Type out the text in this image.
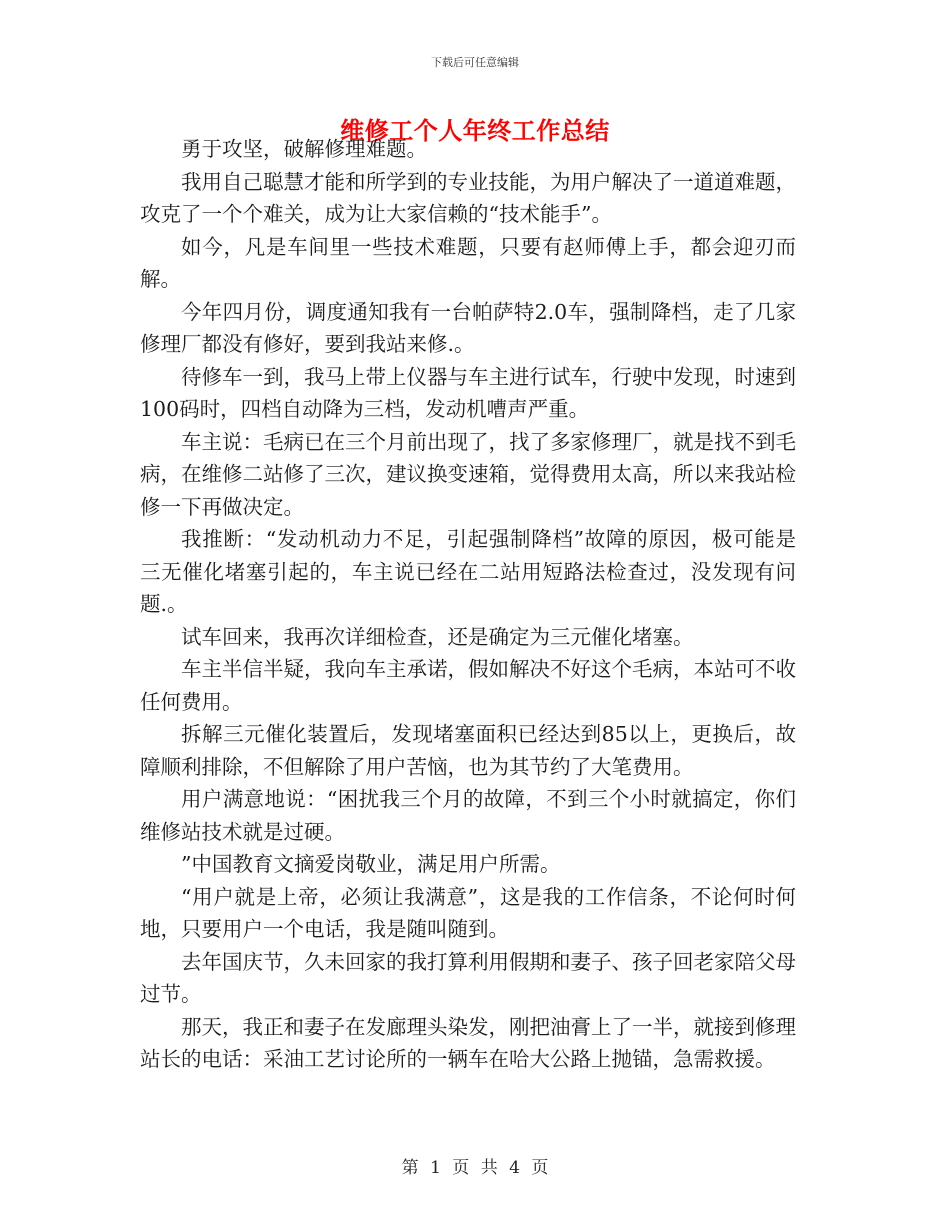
下载后可任意编辑
维修工个人年终工作总结

勇于攻坚，破解修理难题。

我用自己聪慧才能和所学到的专业技能，为用户解决了一道道难题，攻克了一个个难关，成为让大家信赖的“技术能手”。

如今，凡是车间里一些技术难题，只要有赵师傅上手，都会迎刃而解。

今年四月份，调度通知我有一台帕萨特2.0车，强制降档，走了几家修理厂都没有修好，要到我站来修.。

待修车一到，我马上带上仪器与车主进行试车，行驶中发现，时速到100码时，四档自动降为三档，发动机嘈声严重。

车主说：毛病已在三个月前出现了，找了多家修理厂，就是找不到毛病，在维修二站修了三次，建议换变速箱，觉得费用太高，所以来我站检修一下再做决定。

我推断：“发动机动力不足，引起强制降档”故障的原因，极可能是三无催化堵塞引起的，车主说已经在二站用短路法检查过，没发现有问题.。

试车回来，我再次详细检查，还是确定为三元催化堵塞。

车主半信半疑，我向车主承诺，假如解决不好这个毛病，本站可不收任何费用。

拆解三元催化装置后，发现堵塞面积已经达到85以上，更换后，故障顺利排除，不但解除了用户苦恼，也为其节约了大笔费用。

用户满意地说：“困扰我三个月的故障，不到三个小时就搞定，你们维修站技术就是过硬。

”中国教育文摘爱岗敬业，满足用户所需。

“用户就是上帝，必须让我满意”，这是我的工作信条，不论何时何地，只要用户一个电话，我是随叫随到。

去年国庆节，久未回家的我打算利用假期和妻子、孩子回老家陪父母过节。

那天，我正和妻子在发廊理头染发，刚把油膏上了一半，就接到修理站长的电话：采油工艺讨论所的一辆车在哈大公路上抛锚，急需救援。

第 1 页 共 4 页
